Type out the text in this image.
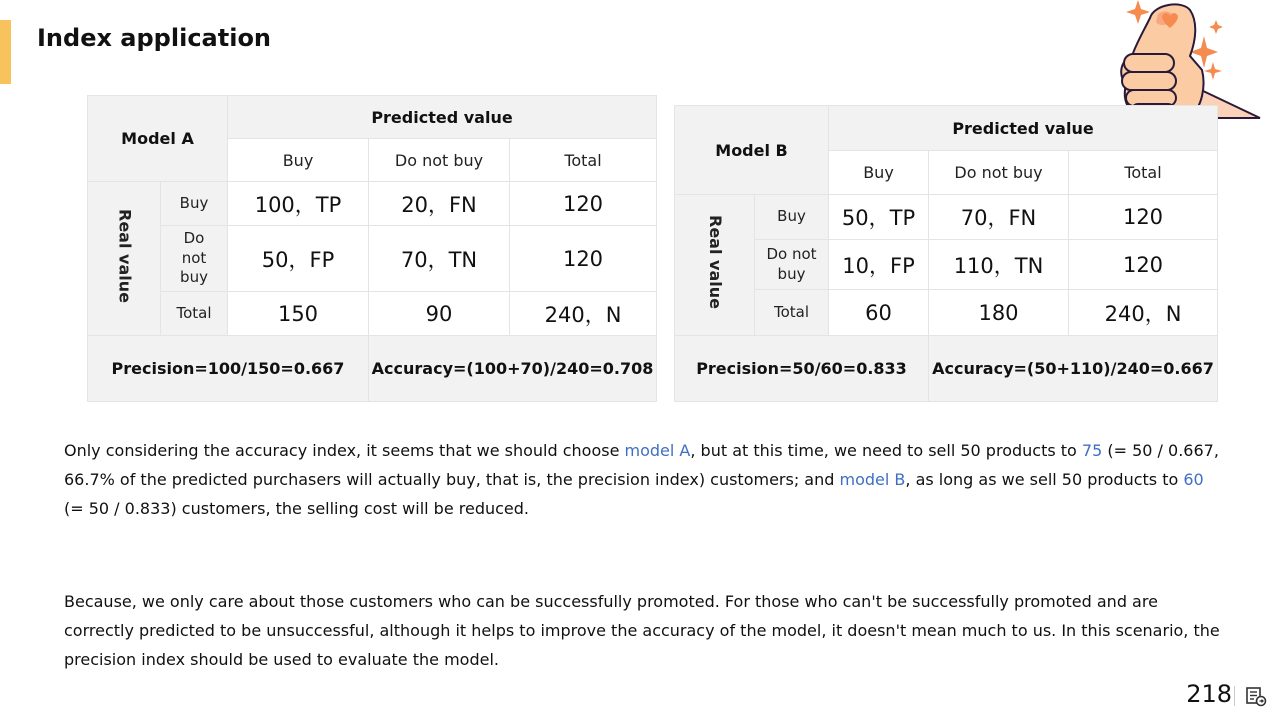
Index application
Model A		Predicted value		
		Buy	Do not buy	Total
Real value	Buy	100，TP	20，FN	120
	Do not buy	50，FP	70，TN	120
	Total	150	90	240，N
Precision=100/150=0.667			Accuracy=(100+70)/240=0.708	
Model B		Predicted value		
		Buy	Do not buy	Total
Real value	Buy	50，TP	70，FN	120
	Do not buy	10，FP	110，TN	120
	Total	60	180	240，N
Precision=50/60=0.833			Accuracy=(50+110)/240=0.667	

Only considering the accuracy index, it seems that we should choose model A, but at this time, we need to sell 50 products to 75 (= 50 / 0.667, 66.7% of the predicted purchasers will actually buy, that is, the precision index) customers; and model B, as long as we sell 50 products to 60 (= 50 / 0.833) customers, the selling cost will be reduced.

Because, we only care about those customers who can be successfully promoted. For those who can't be successfully promoted and are correctly predicted to be unsuccessful, although it helps to improve the accuracy of the model, it doesn't mean much to us. In this scenario, the precision index should be used to evaluate the model.

218
